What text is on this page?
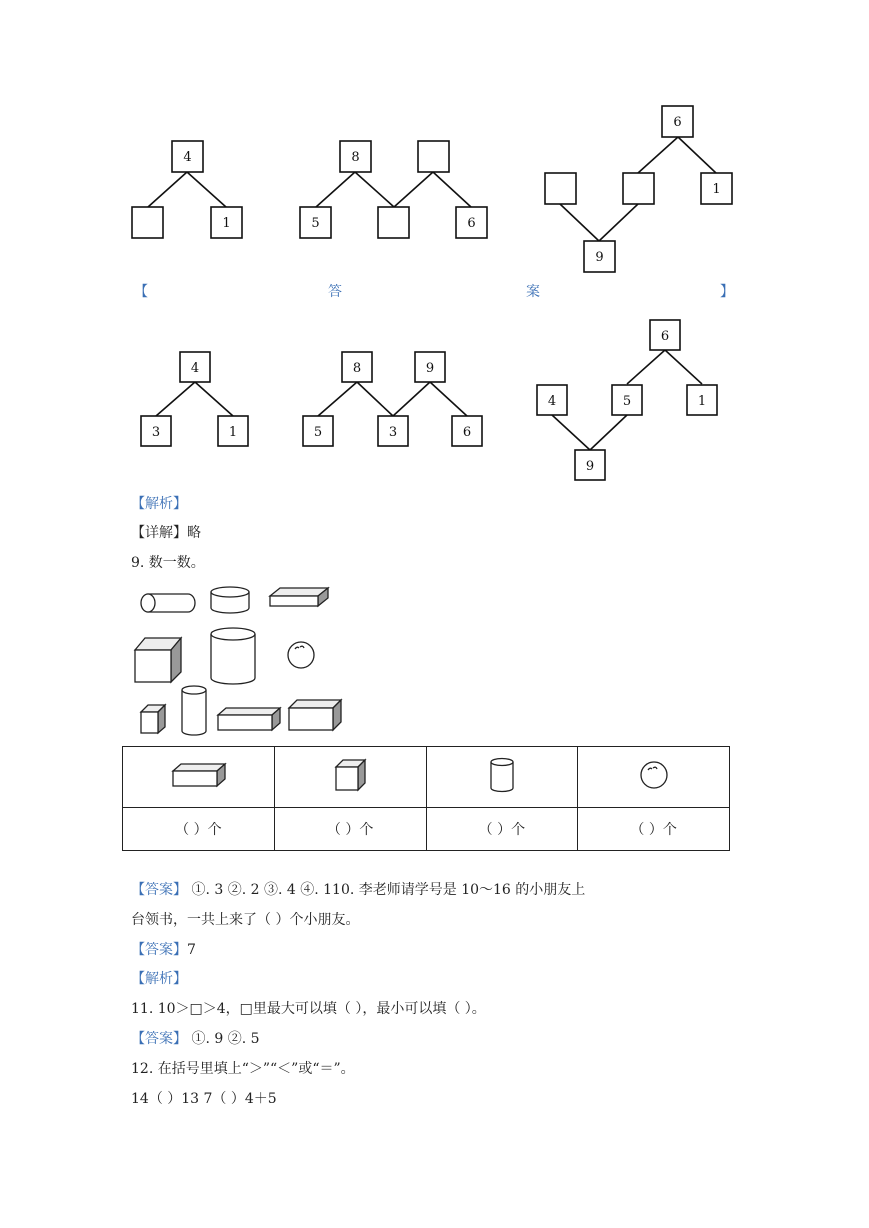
4
1
8
5	6
6
1
9
【	答	案	】
4
3	1
8	9
5	3	6
6
4	5	1
9
【解析】
【详解】略
9. 数一数。

（ ）个	（ ）个	（ ）个	（ ）个
【答案】 ①. 3 ②. 2 ③. 4 ④. 110. 李老师请学号是 10～16 的小朋友上
台领书，一共上来了（ ）个小朋友。
【答案】7
【解析】
11. 10＞□＞4，□里最大可以填（ ），最小可以填（ ）。
【答案】 ①. 9 ②. 5
12. 在括号里填上“＞”“＜”或“＝”。
14（ ）13 7（ ）4＋5
